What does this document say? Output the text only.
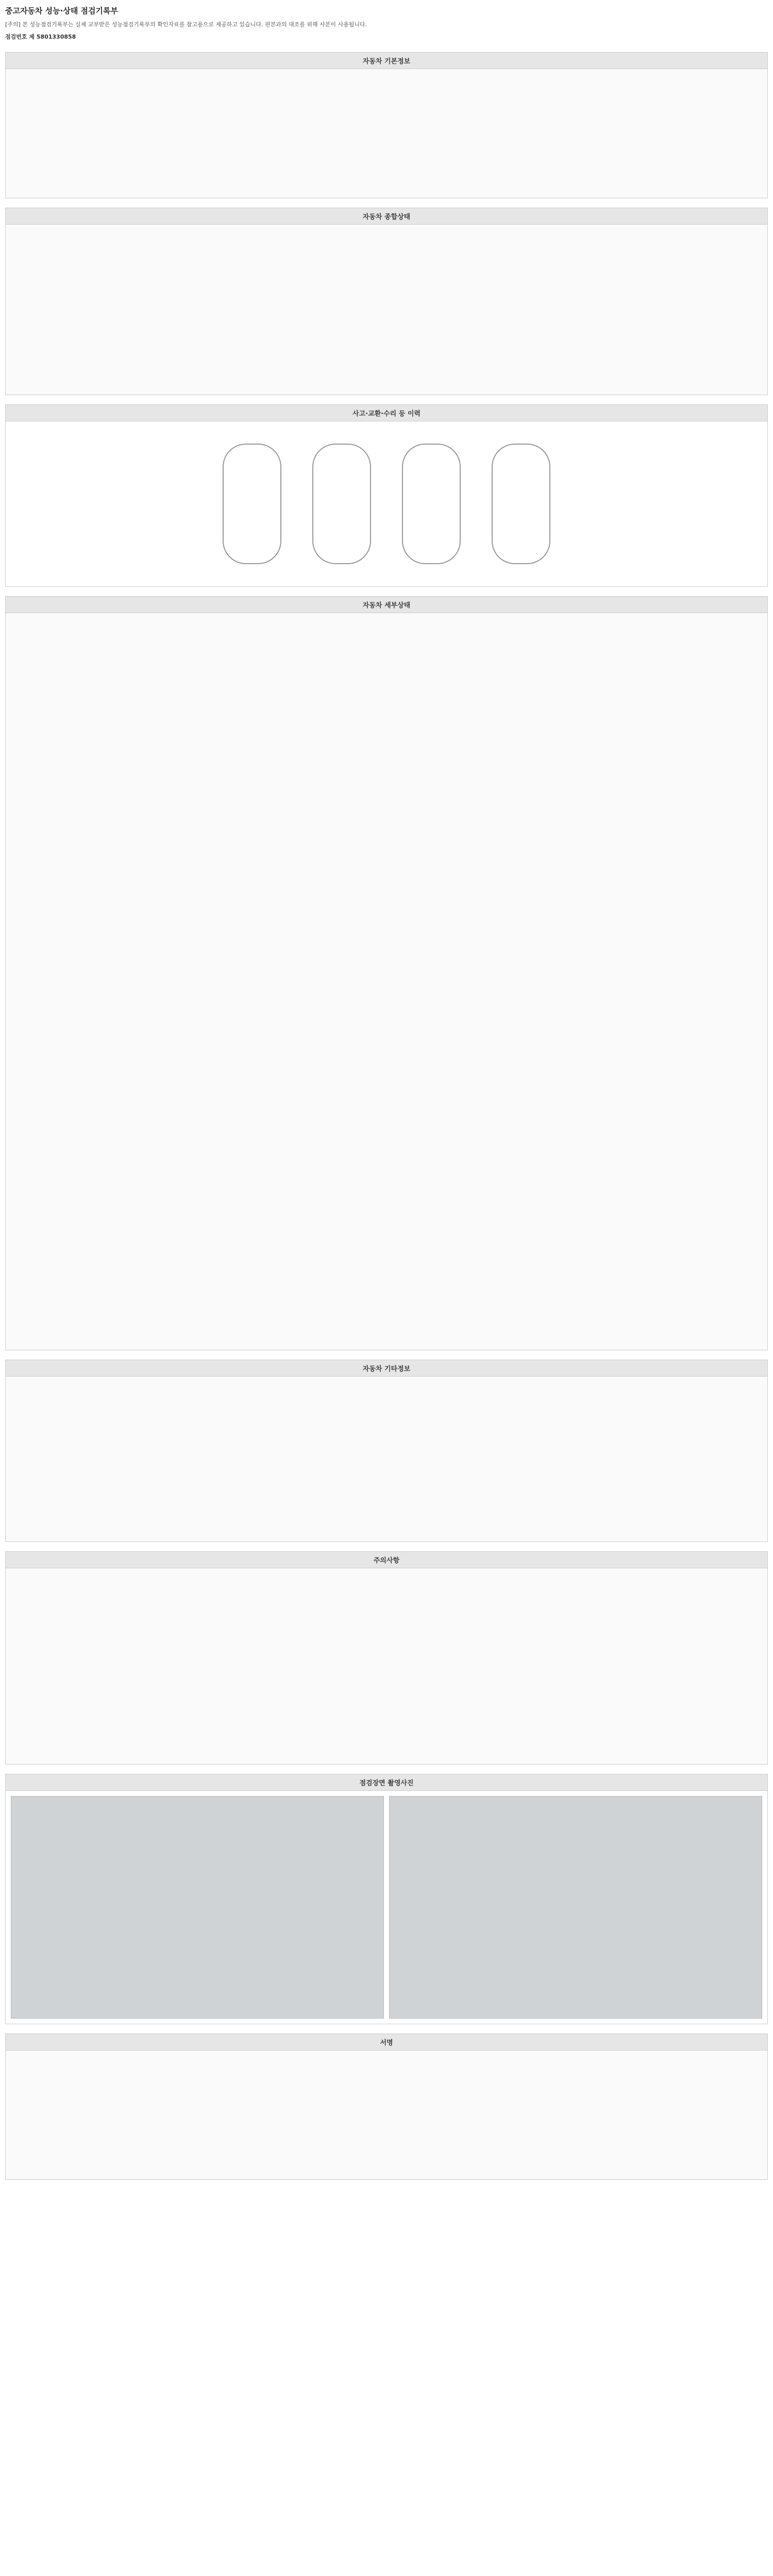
중고자동차 성능·상태 점검기록부
[주의] 본 성능점검기록부는 실제 교부받은 성능점검기록부의 확인자료를 참고용으로 제공하고 있습니다. 원본과의 대조를 위해 사본이 사용됩니다.
점검번호 제 5801330858
자동차 기본정보
자동차 종합상태
사고·교환·수리 등 이력
자동차 세부상태
자동차 기타정보
주의사항
점검장면 촬영사진
서명
